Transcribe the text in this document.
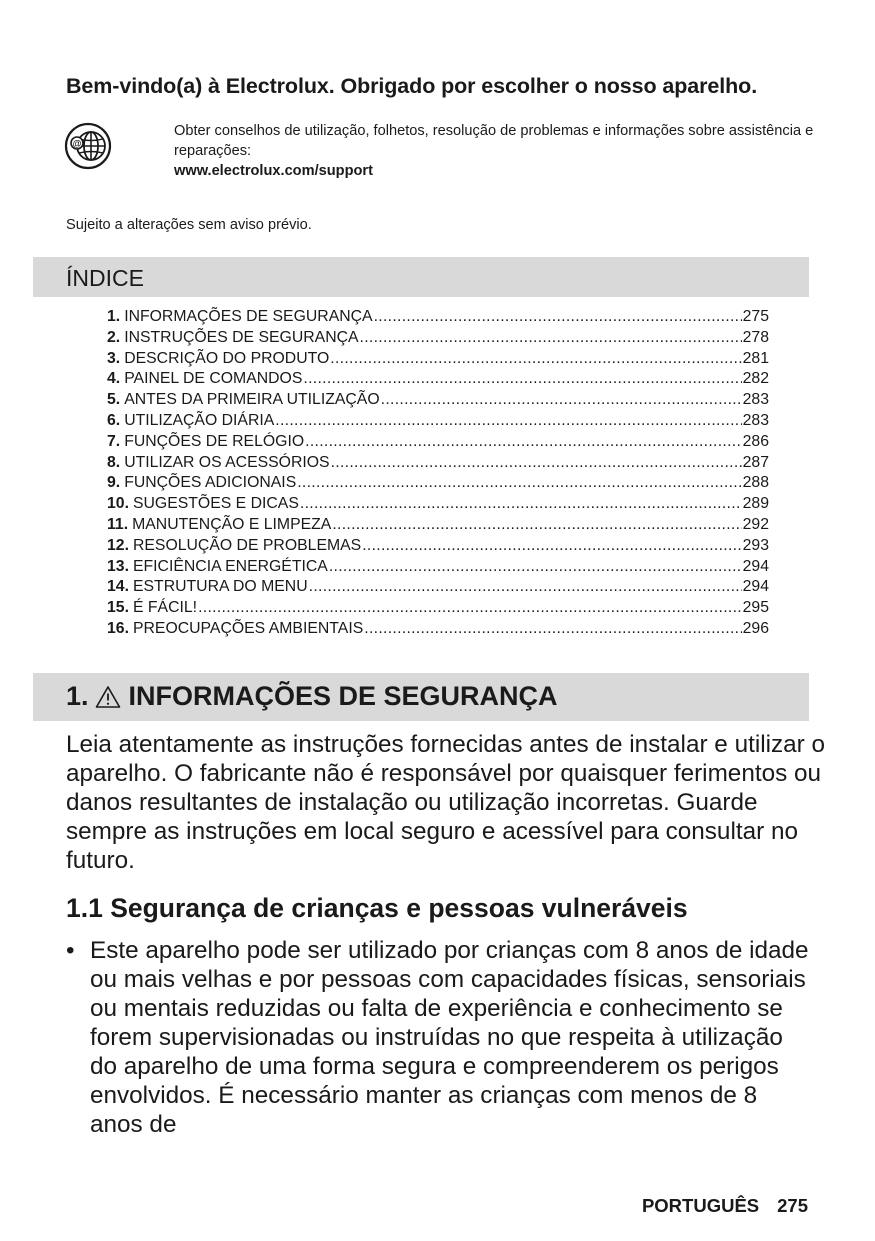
Bem-vindo(a) à Electrolux. Obrigado por escolher o nosso aparelho.
@
Obter conselhos de utilização, folhetos, resolução de problemas e informações sobre assistência e reparações:
www.electrolux.com/support
Sujeito a alterações sem aviso prévio.
ÍNDICE
1. INFORMAÇÕES DE SEGURANÇA .....	275
2. INSTRUÇÕES DE SEGURANÇA .....	278
3. DESCRIÇÃO DO PRODUTO .....	281
4. PAINEL DE COMANDOS .....	282
5. ANTES DA PRIMEIRA UTILIZAÇÃO .....	283
6. UTILIZAÇÃO DIÁRIA .....	283
7. FUNÇÕES DE RELÓGIO .....	286
8. UTILIZAR OS ACESSÓRIOS .....	287
9. FUNÇÕES ADICIONAIS .....	288
10. SUGESTÕES E DICAS .....	289
11. MANUTENÇÃO E LIMPEZA .....	292
12. RESOLUÇÃO DE PROBLEMAS .....	293
13. EFICIÊNCIA ENERGÉTICA .....	294
14. ESTRUTURA DO MENU .....	294
15. É FÁCIL! .....	295
16. PREOCUPAÇÕES AMBIENTAIS .....	296
1. INFORMAÇÕES DE SEGURANÇA

Leia atentamente as instruções fornecidas antes de instalar e utilizar o aparelho. O fabricante não é responsável por quaisquer ferimentos ou danos resultantes de instalação ou utilização incorretas. Guarde sempre as instruções em local seguro e acessível para consultar no futuro.

1.1 Segurança de crianças e pessoas vulneráveis
• Este aparelho pode ser utilizado por crianças com 8 anos de idade ou mais velhas e por pessoas com capacidades físicas, sensoriais ou mentais reduzidas ou falta de experiência e conhecimento se forem supervisionadas ou instruídas no que respeita à utilização do aparelho de uma forma segura e compreenderem os perigos envolvidos. É necessário manter as crianças com menos de 8 anos de
PORTUGUÊS 275
